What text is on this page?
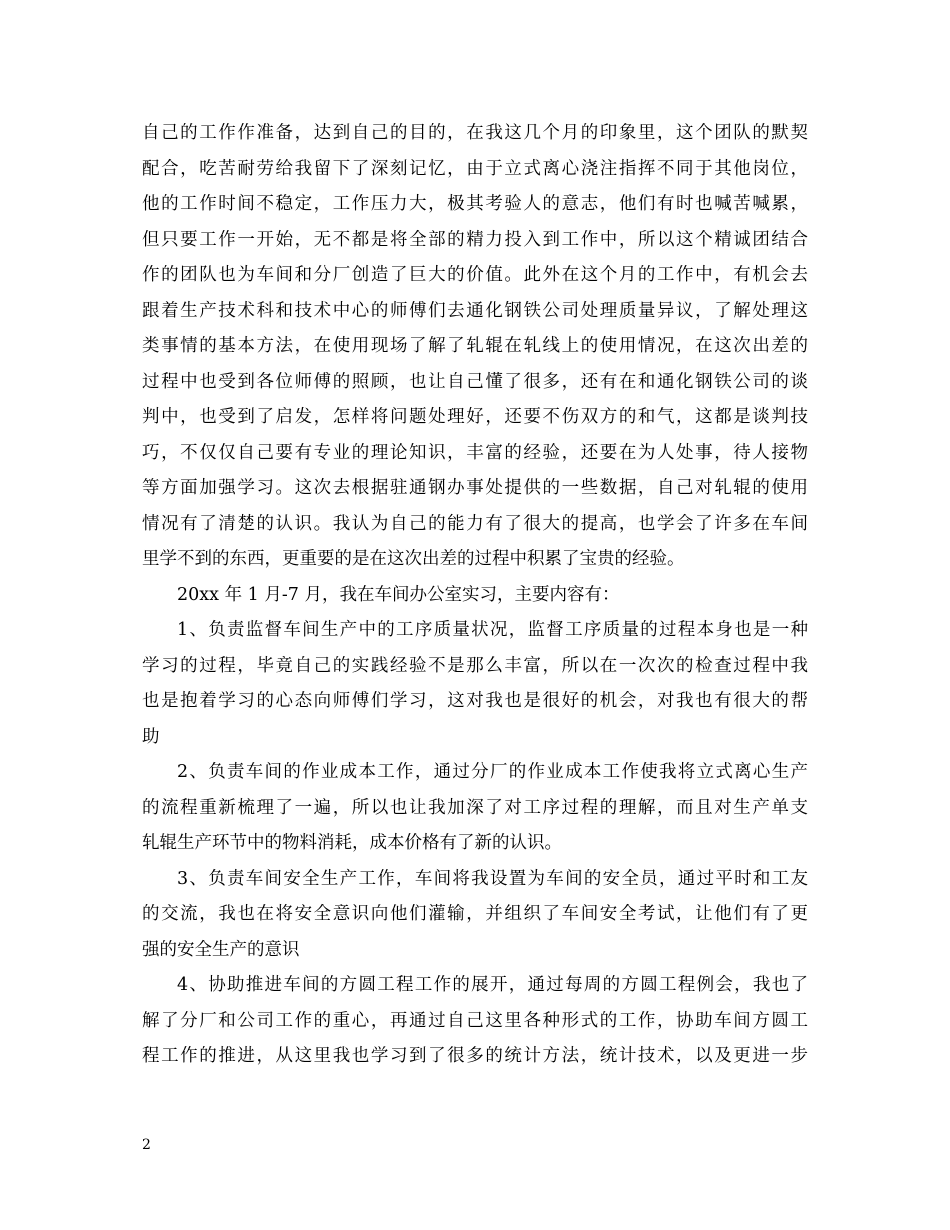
自己的工作作准备，达到自己的目的，在我这几个月的印象里，这个团队的默契
配合，吃苦耐劳给我留下了深刻记忆，由于立式离心浇注指挥不同于其他岗位，
他的工作时间不稳定，工作压力大，极其考验人的意志，他们有时也喊苦喊累，
但只要工作一开始，无不都是将全部的精力投入到工作中，所以这个精诚团结合
作的团队也为车间和分厂创造了巨大的价值。此外在这个月的工作中，有机会去
跟着生产技术科和技术中心的师傅们去通化钢铁公司处理质量异议，了解处理这
类事情的基本方法，在使用现场了解了轧辊在轧线上的使用情况，在这次出差的
过程中也受到各位师傅的照顾，也让自己懂了很多，还有在和通化钢铁公司的谈
判中，也受到了启发，怎样将问题处理好，还要不伤双方的和气，这都是谈判技
巧，不仅仅自己要有专业的理论知识，丰富的经验，还要在为人处事，待人接物
等方面加强学习。这次去根据驻通钢办事处提供的一些数据，自己对轧辊的使用
情况有了清楚的认识。我认为自己的能力有了很大的提高，也学会了许多在车间
里学不到的东西，更重要的是在这次出差的过程中积累了宝贵的经验。
20xx 年 1 月-7 月，我在车间办公室实习，主要内容有：
1、负责监督车间生产中的工序质量状况，监督工序质量的过程本身也是一种
学习的过程，毕竟自己的实践经验不是那么丰富，所以在一次次的检查过程中我
也是抱着学习的心态向师傅们学习，这对我也是很好的机会，对我也有很大的帮
助
2、负责车间的作业成本工作，通过分厂的作业成本工作使我将立式离心生产
的流程重新梳理了一遍，所以也让我加深了对工序过程的理解，而且对生产单支
轧辊生产环节中的物料消耗，成本价格有了新的认识。
3、负责车间安全生产工作，车间将我设置为车间的安全员，通过平时和工友
的交流，我也在将安全意识向他们灌输，并组织了车间安全考试，让他们有了更
强的安全生产的意识
4、协助推进车间的方圆工程工作的展开，通过每周的方圆工程例会，我也了
解了分厂和公司工作的重心，再通过自己这里各种形式的工作，协助车间方圆工
程工作的推进，从这里我也学习到了很多的统计方法，统计技术，以及更进一步
2
